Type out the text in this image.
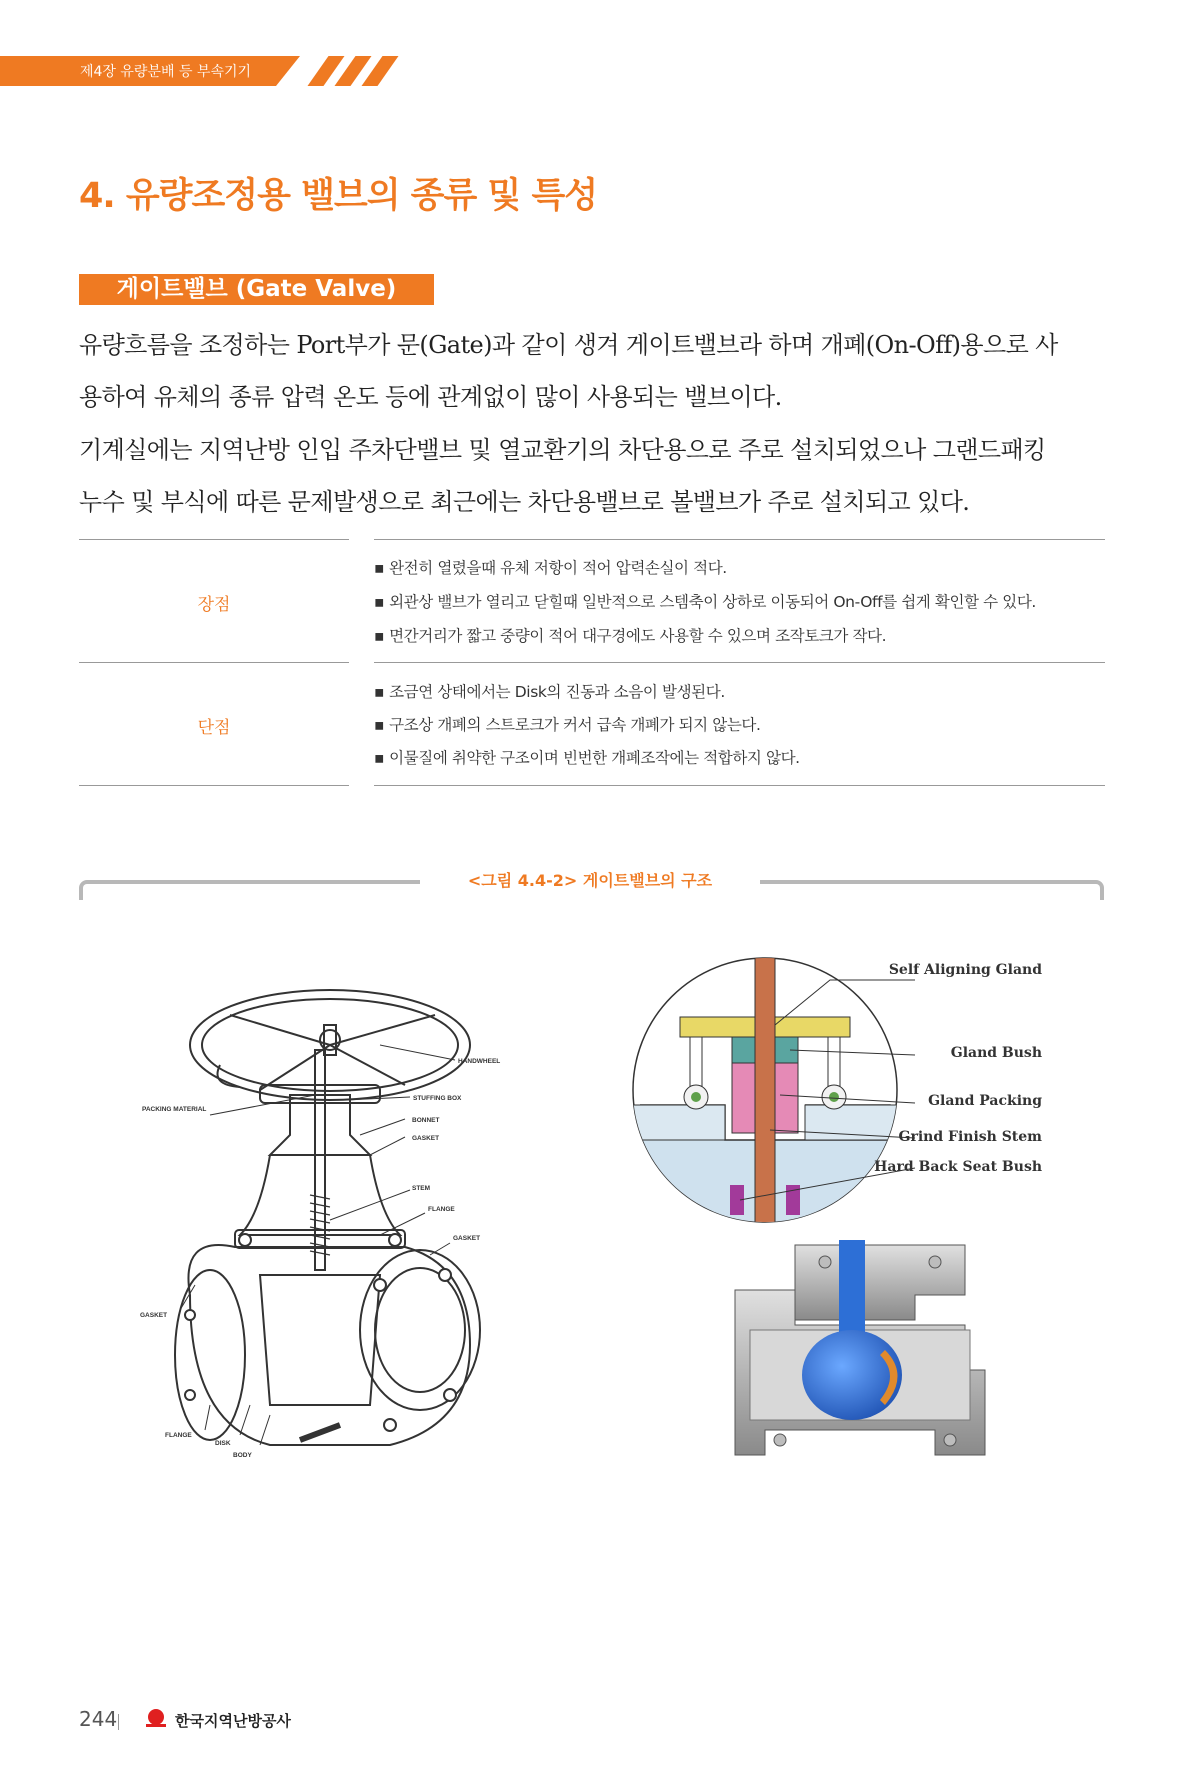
제4장 유량분배 등 부속기기
4. 유량조정용 밸브의 종류 및 특성
게이트밸브 (Gate Valve)
유량흐름을 조정하는 Port부가 문(Gate)과 같이 생겨 게이트밸브라 하며 개폐(On-Off)용으로 사
용하여 유체의 종류 압력 온도 등에 관계없이 많이 사용되는 밸브이다.
기계실에는 지역난방 인입 주차단밸브 및 열교환기의 차단용으로 주로 설치되었으나 그랜드패킹
누수 및 부식에 따른 문제발생으로 최근에는 차단용밸브로 볼밸브가 주로 설치되고 있다.
장점
▪ 완전히 열렸을때 유체 저항이 적어 압력손실이 적다.
▪ 외관상 밸브가 열리고 닫힐때 일반적으로 스템축이 상하로 이동되어 On-Off를 쉽게 확인할 수 있다.
▪ 면간거리가 짧고 중량이 적어 대구경에도 사용할 수 있으며 조작토크가 작다.
단점
▪ 조금연 상태에서는 Disk의 진동과 소음이 발생된다.
▪ 구조상 개폐의 스트로크가 커서 급속 개폐가 되지 않는다.
▪ 이물질에 취약한 구조이며 빈번한 개폐조작에는 적합하지 않다.
<그림 4.4-2> 게이트밸브의 구조
HANDWHEEL
STUFFING BOX
PACKING MATERIAL
BONNET
GASKET
STEM
FLANGE
GASKET
GASKET
FLANGE
DISK
BODY
Self Aligning Gland
Gland Bush
Gland Packing
Grind Finish Stem
Hard Back Seat Bush
244	한국지역난방공사
